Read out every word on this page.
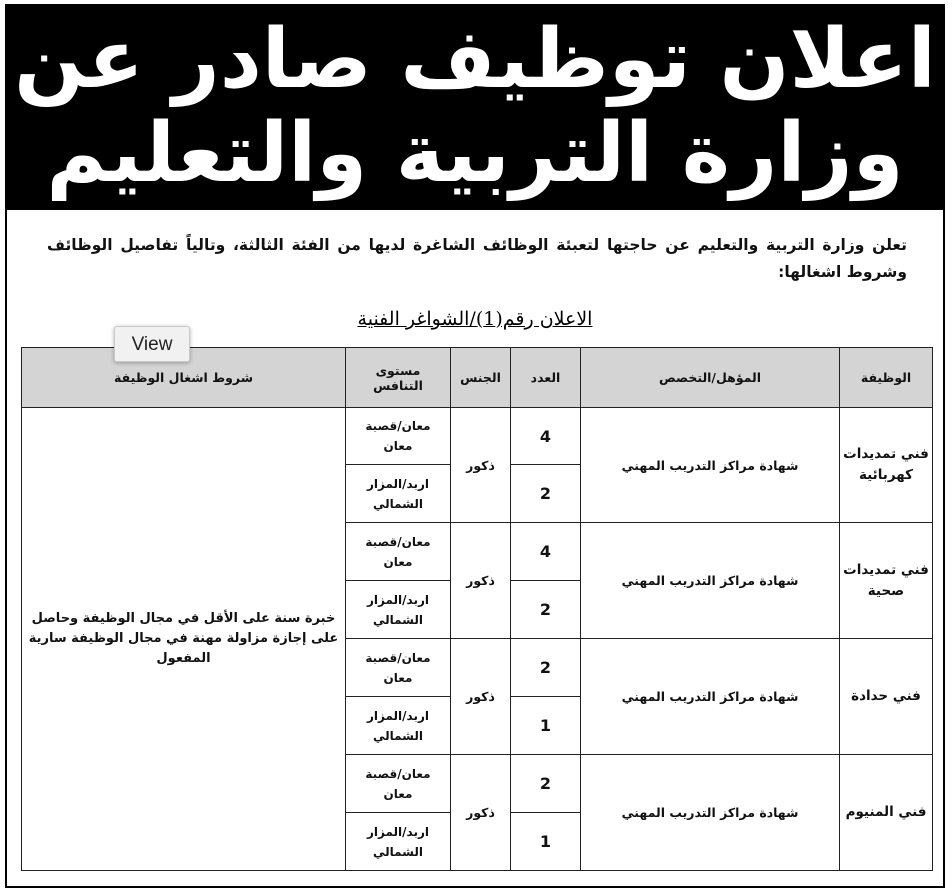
اعلان توظيف صادر عن
وزارة التربية والتعليم
تعلن وزارة التربية والتعليم عن حاجتها لتعبئة الوظائف الشاغرة لديها من الفئة الثالثة، وتالياً تفاصيل الوظائف وشروط اشغالها:
الاعلان رقم(1)/الشواغر الفنية
الوظيفة	المؤهل/التخصص	العدد	الجنس	مستوى التنافس	شروط اشغال الوظيفة
فني تمديدات كهربائية	شهادة مراكز التدريب المهني	4	ذكور	معان/قصبة معان	خبرة سنة على الأقل في مجال الوظيفة وحاصل على إجازة مزاولة مهنة في مجال الوظيفة سارية المفعول
		2		اربد/المزار الشمالي	
فني تمديدات صحية	شهادة مراكز التدريب المهني	4	ذكور	معان/قصبة معان	
		2		اربد/المزار الشمالي	
فني حدادة	شهادة مراكز التدريب المهني	2	ذكور	معان/قصبة معان	
		1		اربد/المزار الشمالي	
فني المنيوم	شهادة مراكز التدريب المهني	2	ذكور	معان/قصبة معان	
		1		اربد/المزار الشمالي	
View
